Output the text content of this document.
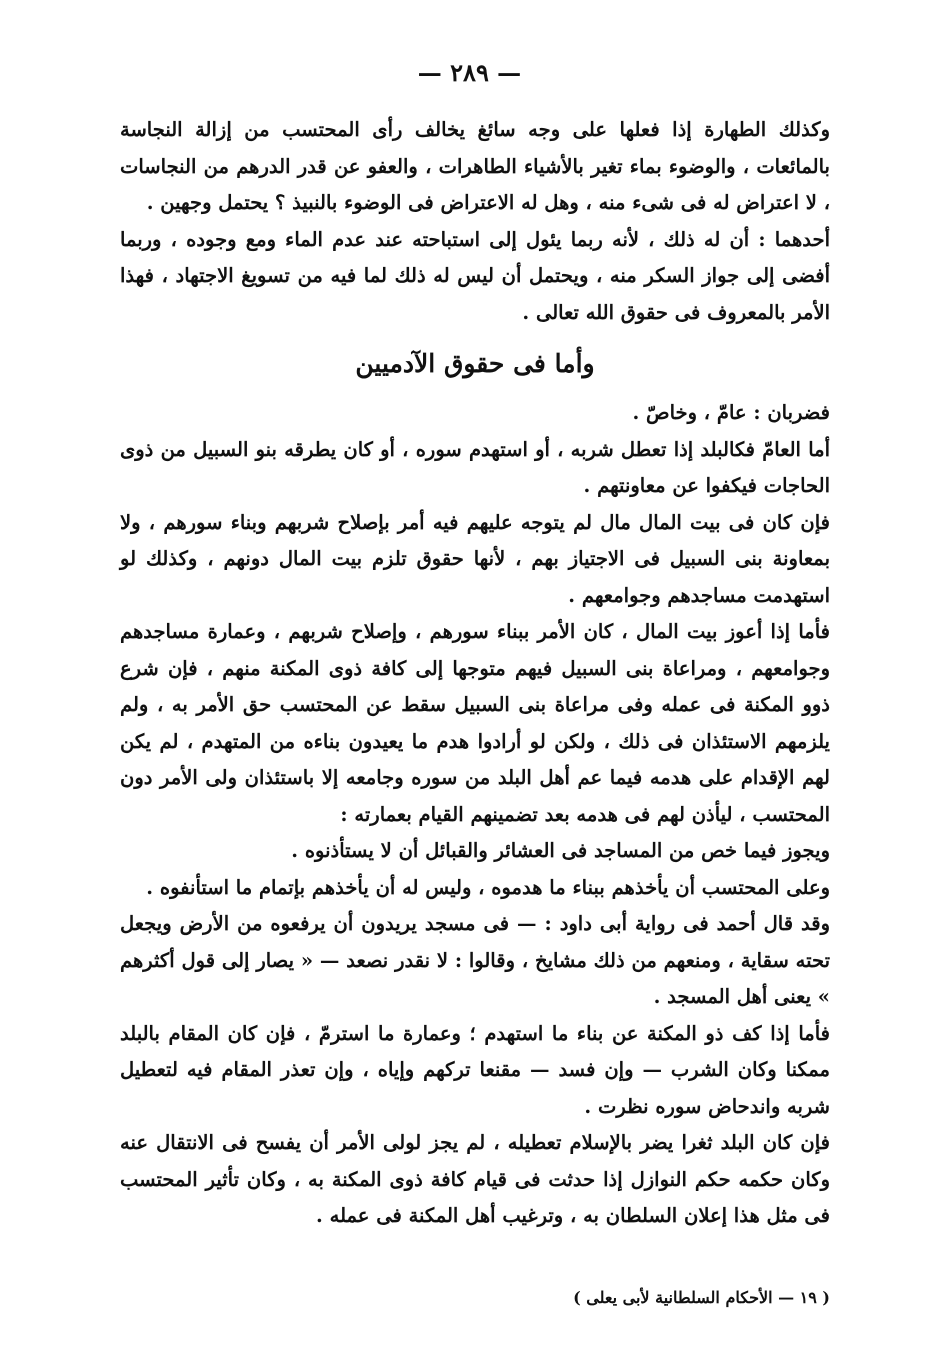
— ٢٨٩ —

وكذلك الطهارة إذا فعلها على وجه سائغ يخالف رأى المحتسب من إزالة النجاسة بالمائعات ، والوضوء بماء تغير بالأشياء الطاهرات ، والعفو عن قدر الدرهم من النجاسات ، لا اعتراض له فى شىء منه ، وهل له الاعتراض فى الوضوء بالنبيذ ؟ يحتمل وجهين .

أحدهما : أن له ذلك ، لأنه ربما يئول إلى استباحته عند عدم الماء ومع وجوده ، وربما أفضى إلى جواز السكر منه ، ويحتمل أن ليس له ذلك لما فيه من تسويغ الاجتهاد ، فهذا الأمر بالمعروف فى حقوق الله تعالى .

وأما فى حقوق الآدميين

فضربان : عامّ ، وخاصّ .

أما العامّ فكالبلد إذا تعطل شربه ، أو استهدم سوره ، أو كان يطرقه بنو السبيل من ذوى الحاجات فيكفوا عن معاونتهم .

فإن كان فى بيت المال مال لم يتوجه عليهم فيه أمر بإصلاح شربهم وبناء سورهم ، ولا بمعاونة بنى السبيل فى الاجتياز بهم ، لأنها حقوق تلزم بيت المال دونهم ، وكذلك لو استهدمت مساجدهم وجوامعهم .

فأما إذا أعوز بيت المال ، كان الأمر ببناء سورهم ، وإصلاح شربهم ، وعمارة مساجدهم وجوامعهم ، ومراعاة بنى السبيل فيهم متوجها إلى كافة ذوى المكنة منهم ، فإن شرع ذوو المكنة فى عمله وفى مراعاة بنى السبيل سقط عن المحتسب حق الأمر به ، ولم يلزمهم الاستئذان فى ذلك ، ولكن لو أرادوا هدم ما يعيدون بناءه من المتهدم ، لم يكن لهم الإقدام على هدمه فيما عم أهل البلد من سوره وجامعه إلا باستئذان ولى الأمر دون المحتسب ، ليأذن لهم فى هدمه بعد تضمينهم القيام بعمارته :

ويجوز فيما خص من المساجد فى العشائر والقبائل أن لا يستأذنوه .

وعلى المحتسب أن يأخذهم ببناء ما هدموه ، وليس له أن يأخذهم بإتمام ما استأنفوه .

وقد قال أحمد فى رواية أبى داود : — فى مسجد يريدون أن يرفعوه من الأرض ويجعل تحته سقاية ، ومنعهم من ذلك مشايخ ، وقالوا : لا نقدر نصعد — « يصار إلى قول أكثرهم » يعنى أهل المسجد .

فأما إذا كف ذو المكنة عن بناء ما استهدم ؛ وعمارة ما استرمّ ، فإن كان المقام بالبلد ممكنا وكان الشرب — وإن فسد — مقنعا تركهم وإياه ، وإن تعذر المقام فيه لتعطيل شربه واندحاض سوره نظرت .

فإن كان البلد ثغرا يضر بالإسلام تعطيله ، لم يجز لولى الأمر أن يفسح فى الانتقال عنه وكان حكمه حكم النوازل إذا حدثت فى قيام كافة ذوى المكنة به ، وكان تأثير المحتسب فى مثل هذا إعلان السلطان به ، وترغيب أهل المكنة فى عمله .

( ١٩ — الأحكام السلطانية لأبى يعلى )
